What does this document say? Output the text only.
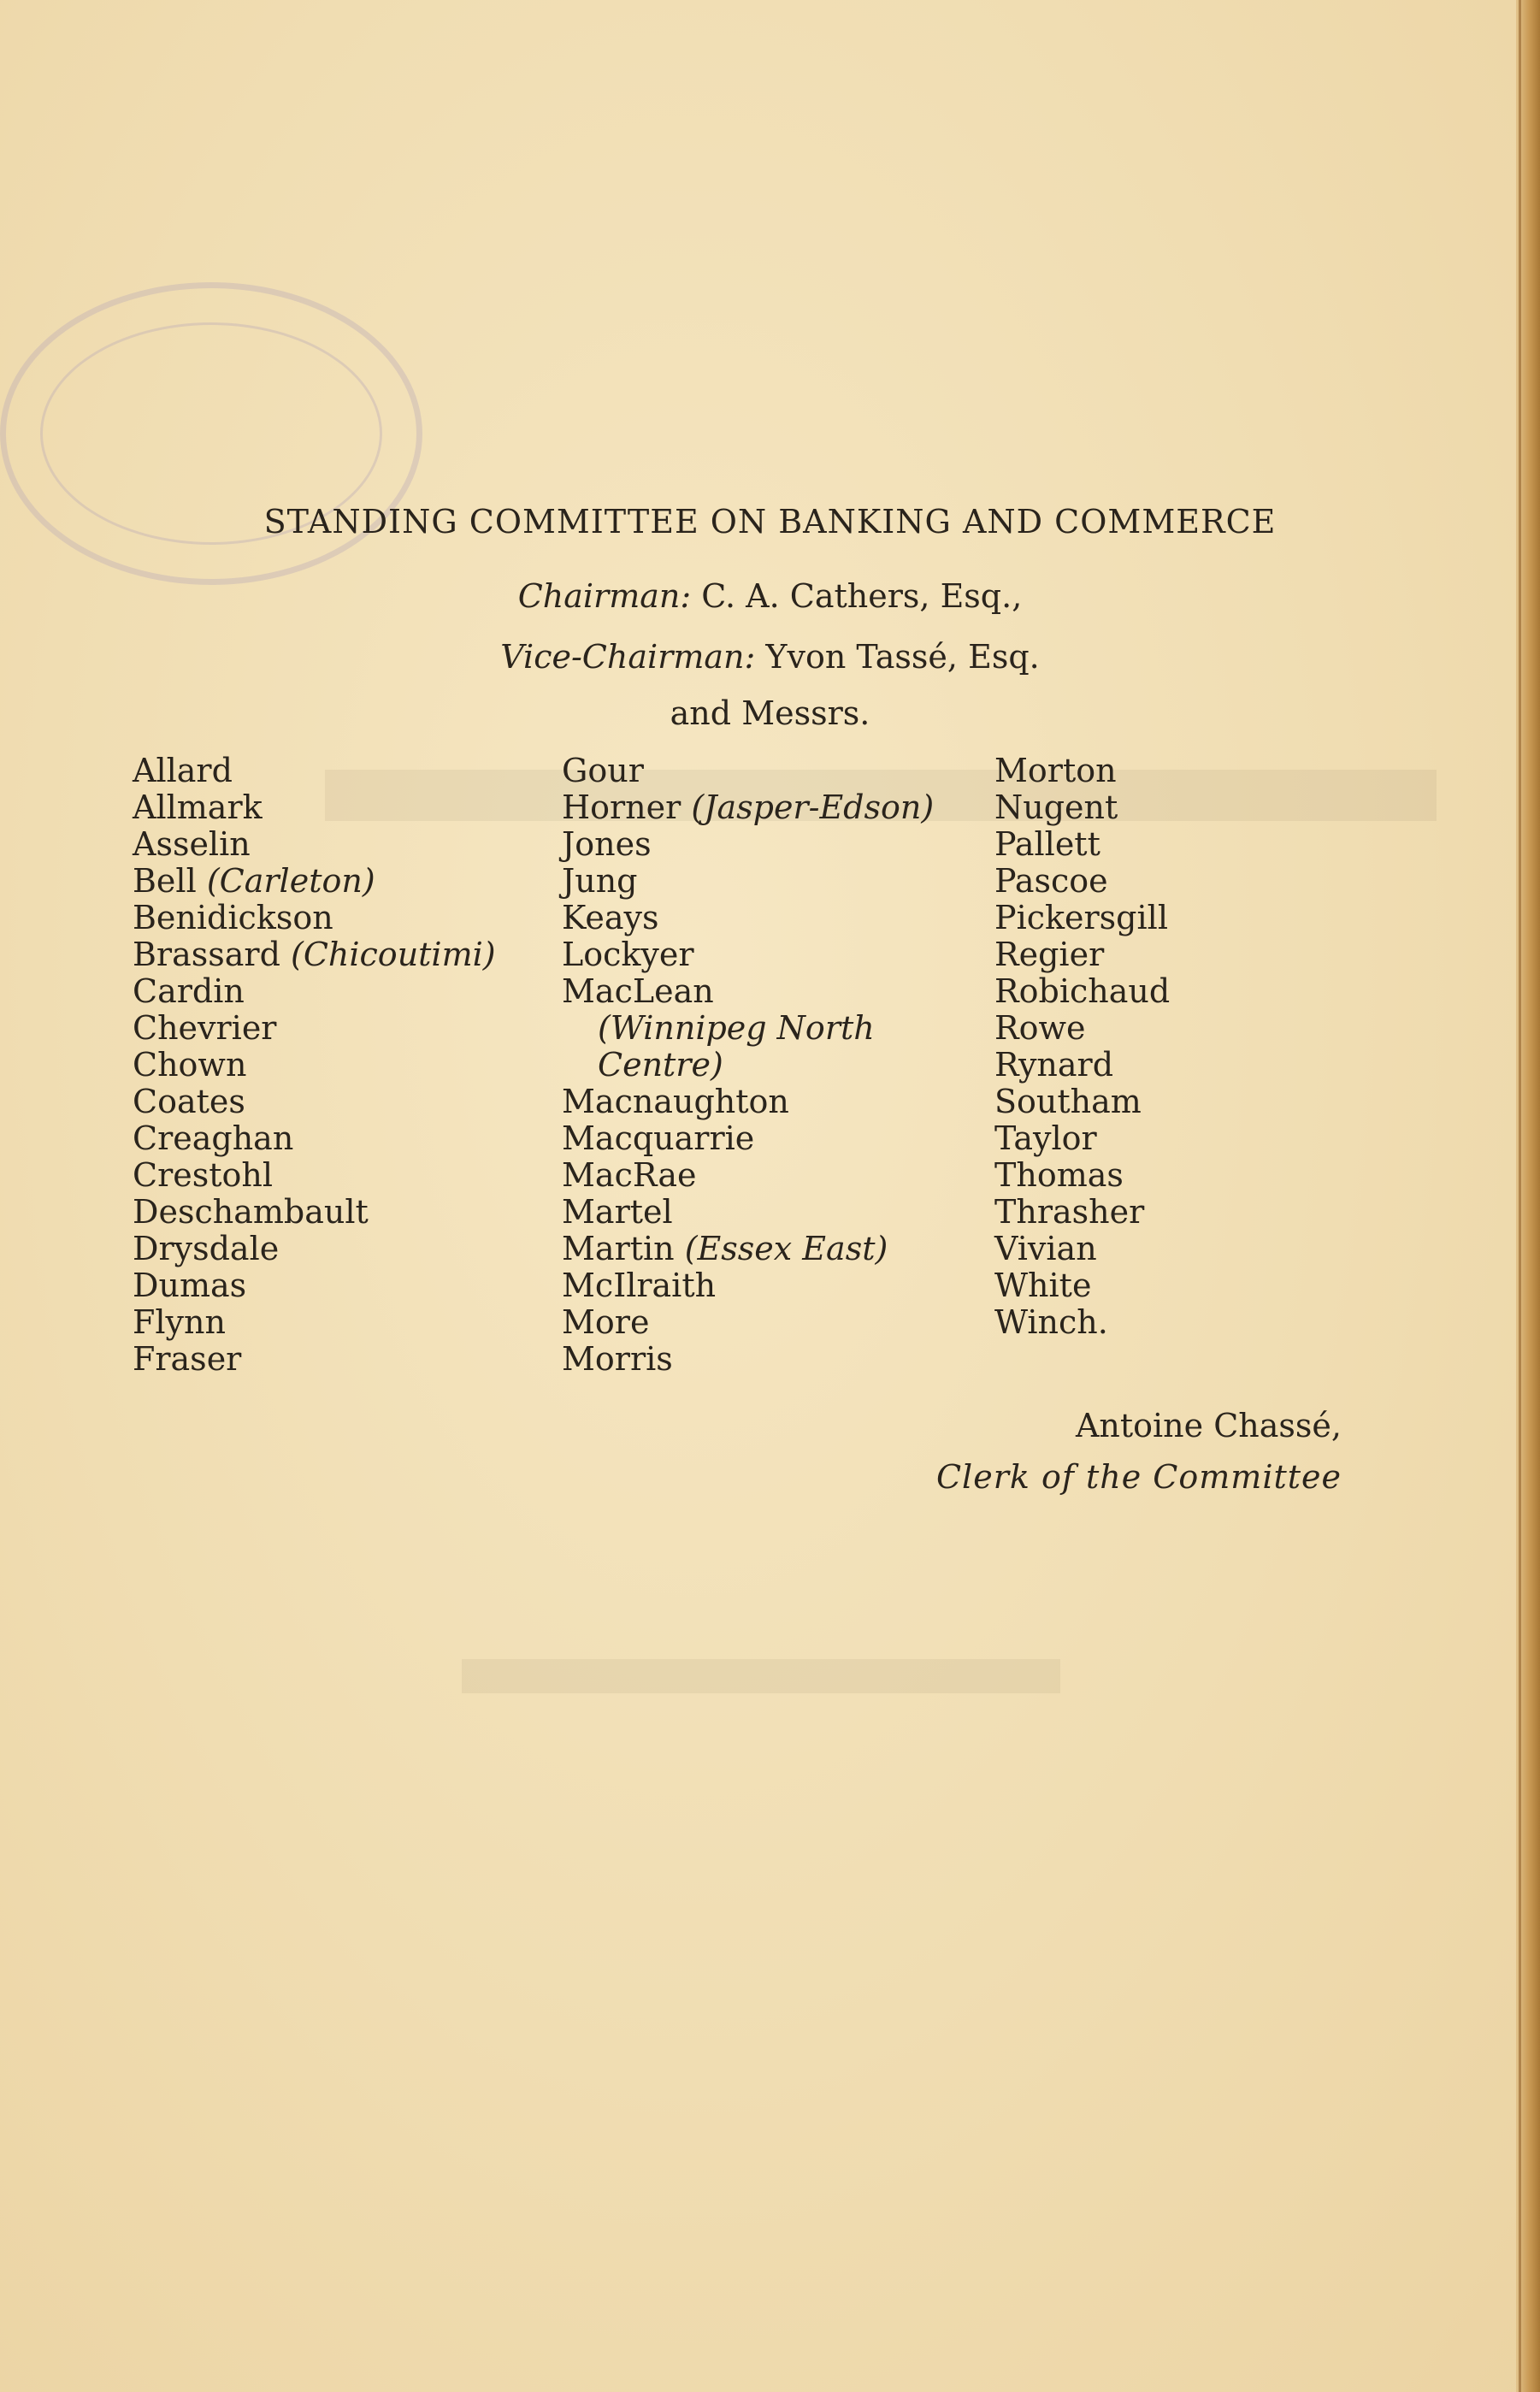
STANDING COMMITTEE ON BANKING AND COMMERCE
Chairman: C. A. Cathers, Esq.,
Vice-Chairman: Yvon Tassé, Esq.
and Messrs.
Allard
Allmark
Asselin
Bell (Carleton)
Benidickson
Brassard (Chicoutimi)
Cardin
Chevrier
Chown
Coates
Creaghan
Crestohl
Deschambault
Drysdale
Dumas
Flynn
Fraser
Gour
Horner (Jasper-Edson)
Jones
Jung
Keays
Lockyer
MacLean
(Winnipeg North
Centre)
Macnaughton
Macquarrie
MacRae
Martel
Martin (Essex East)
McIlraith
More
Morris
Morton
Nugent
Pallett
Pascoe
Pickersgill
Regier
Robichaud
Rowe
Rynard
Southam
Taylor
Thomas
Thrasher
Vivian
White
Winch.
Antoine Chassé,
Clerk of the Committee
